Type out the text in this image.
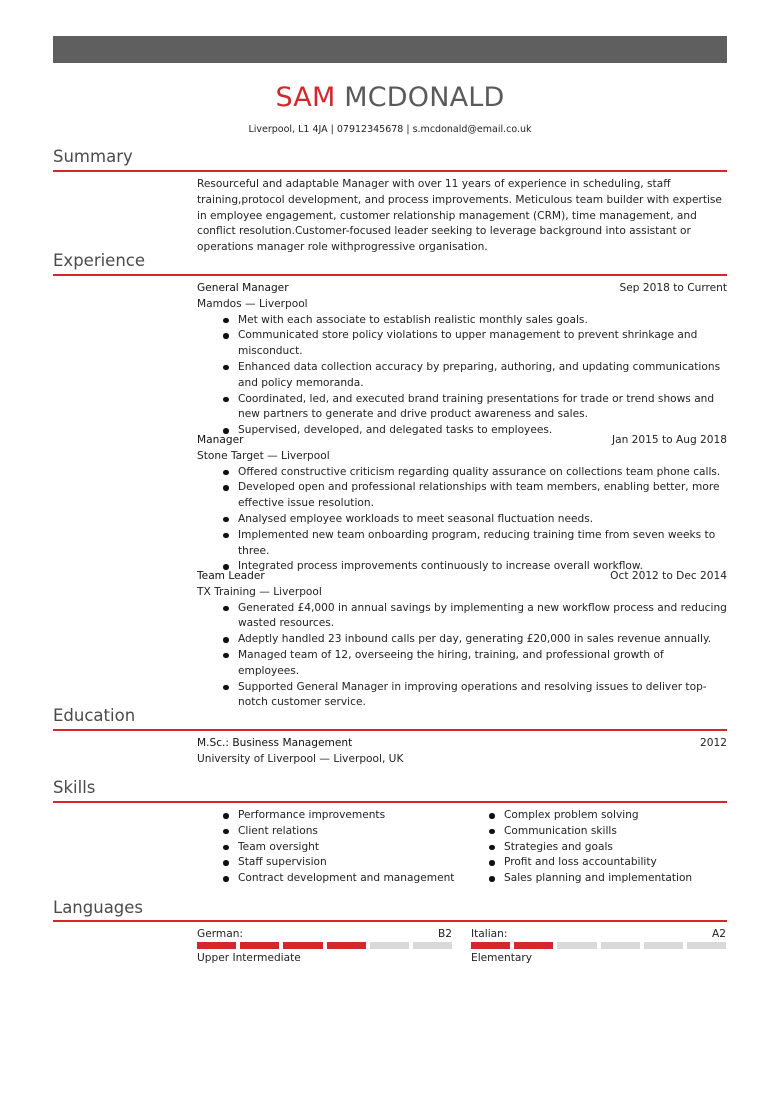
SAM MCDONALD
Liverpool, L1 4JA | 07912345678 | s.mcdonald@email.co.uk
Summary
Resourceful and adaptable Manager with over 11 years of experience in scheduling, staff training,protocol development, and process improvements. Meticulous team builder with expertise in employee engagement, customer relationship management (CRM), time management, and conflict resolution.Customer-focused leader seeking to leverage background into assistant or operations manager role withprogressive organisation.
Experience
General Manager	Sep 2018 to Current
Mamdos — Liverpool
Met with each associate to establish realistic monthly sales goals.
Communicated store policy violations to upper management to prevent shrinkage and misconduct.
Enhanced data collection accuracy by preparing, authoring, and updating communications and policy memoranda.
Coordinated, led, and executed brand training presentations for trade or trend shows and new partners to generate and drive product awareness and sales.
Supervised, developed, and delegated tasks to employees.
Manager	Jan 2015 to Aug 2018
Stone Target — Liverpool
Offered constructive criticism regarding quality assurance on collections team phone calls.
Developed open and professional relationships with team members, enabling better, more effective issue resolution.
Analysed employee workloads to meet seasonal fluctuation needs.
Implemented new team onboarding program, reducing training time from seven weeks to three.
Integrated process improvements continuously to increase overall workflow.
Team Leader	Oct 2012 to Dec 2014
TX Training — Liverpool
Generated £4,000 in annual savings by implementing a new workflow process and reducing wasted resources.
Adeptly handled 23 inbound calls per day, generating £20,000 in sales revenue annually.
Managed team of 12, overseeing the hiring, training, and professional growth of employees.
Supported General Manager in improving operations and resolving issues to deliver top-notch customer service.
Education
M.Sc.: Business Management	2012
University of Liverpool — Liverpool, UK
Skills
Performance improvements
Client relations
Team oversight
Staff supervision
Contract development and management
Complex problem solving
Communication skills
Strategies and goals
Profit and loss accountability
Sales planning and implementation
Languages
German:	B2
Upper Intermediate
Italian:	A2
Elementary
